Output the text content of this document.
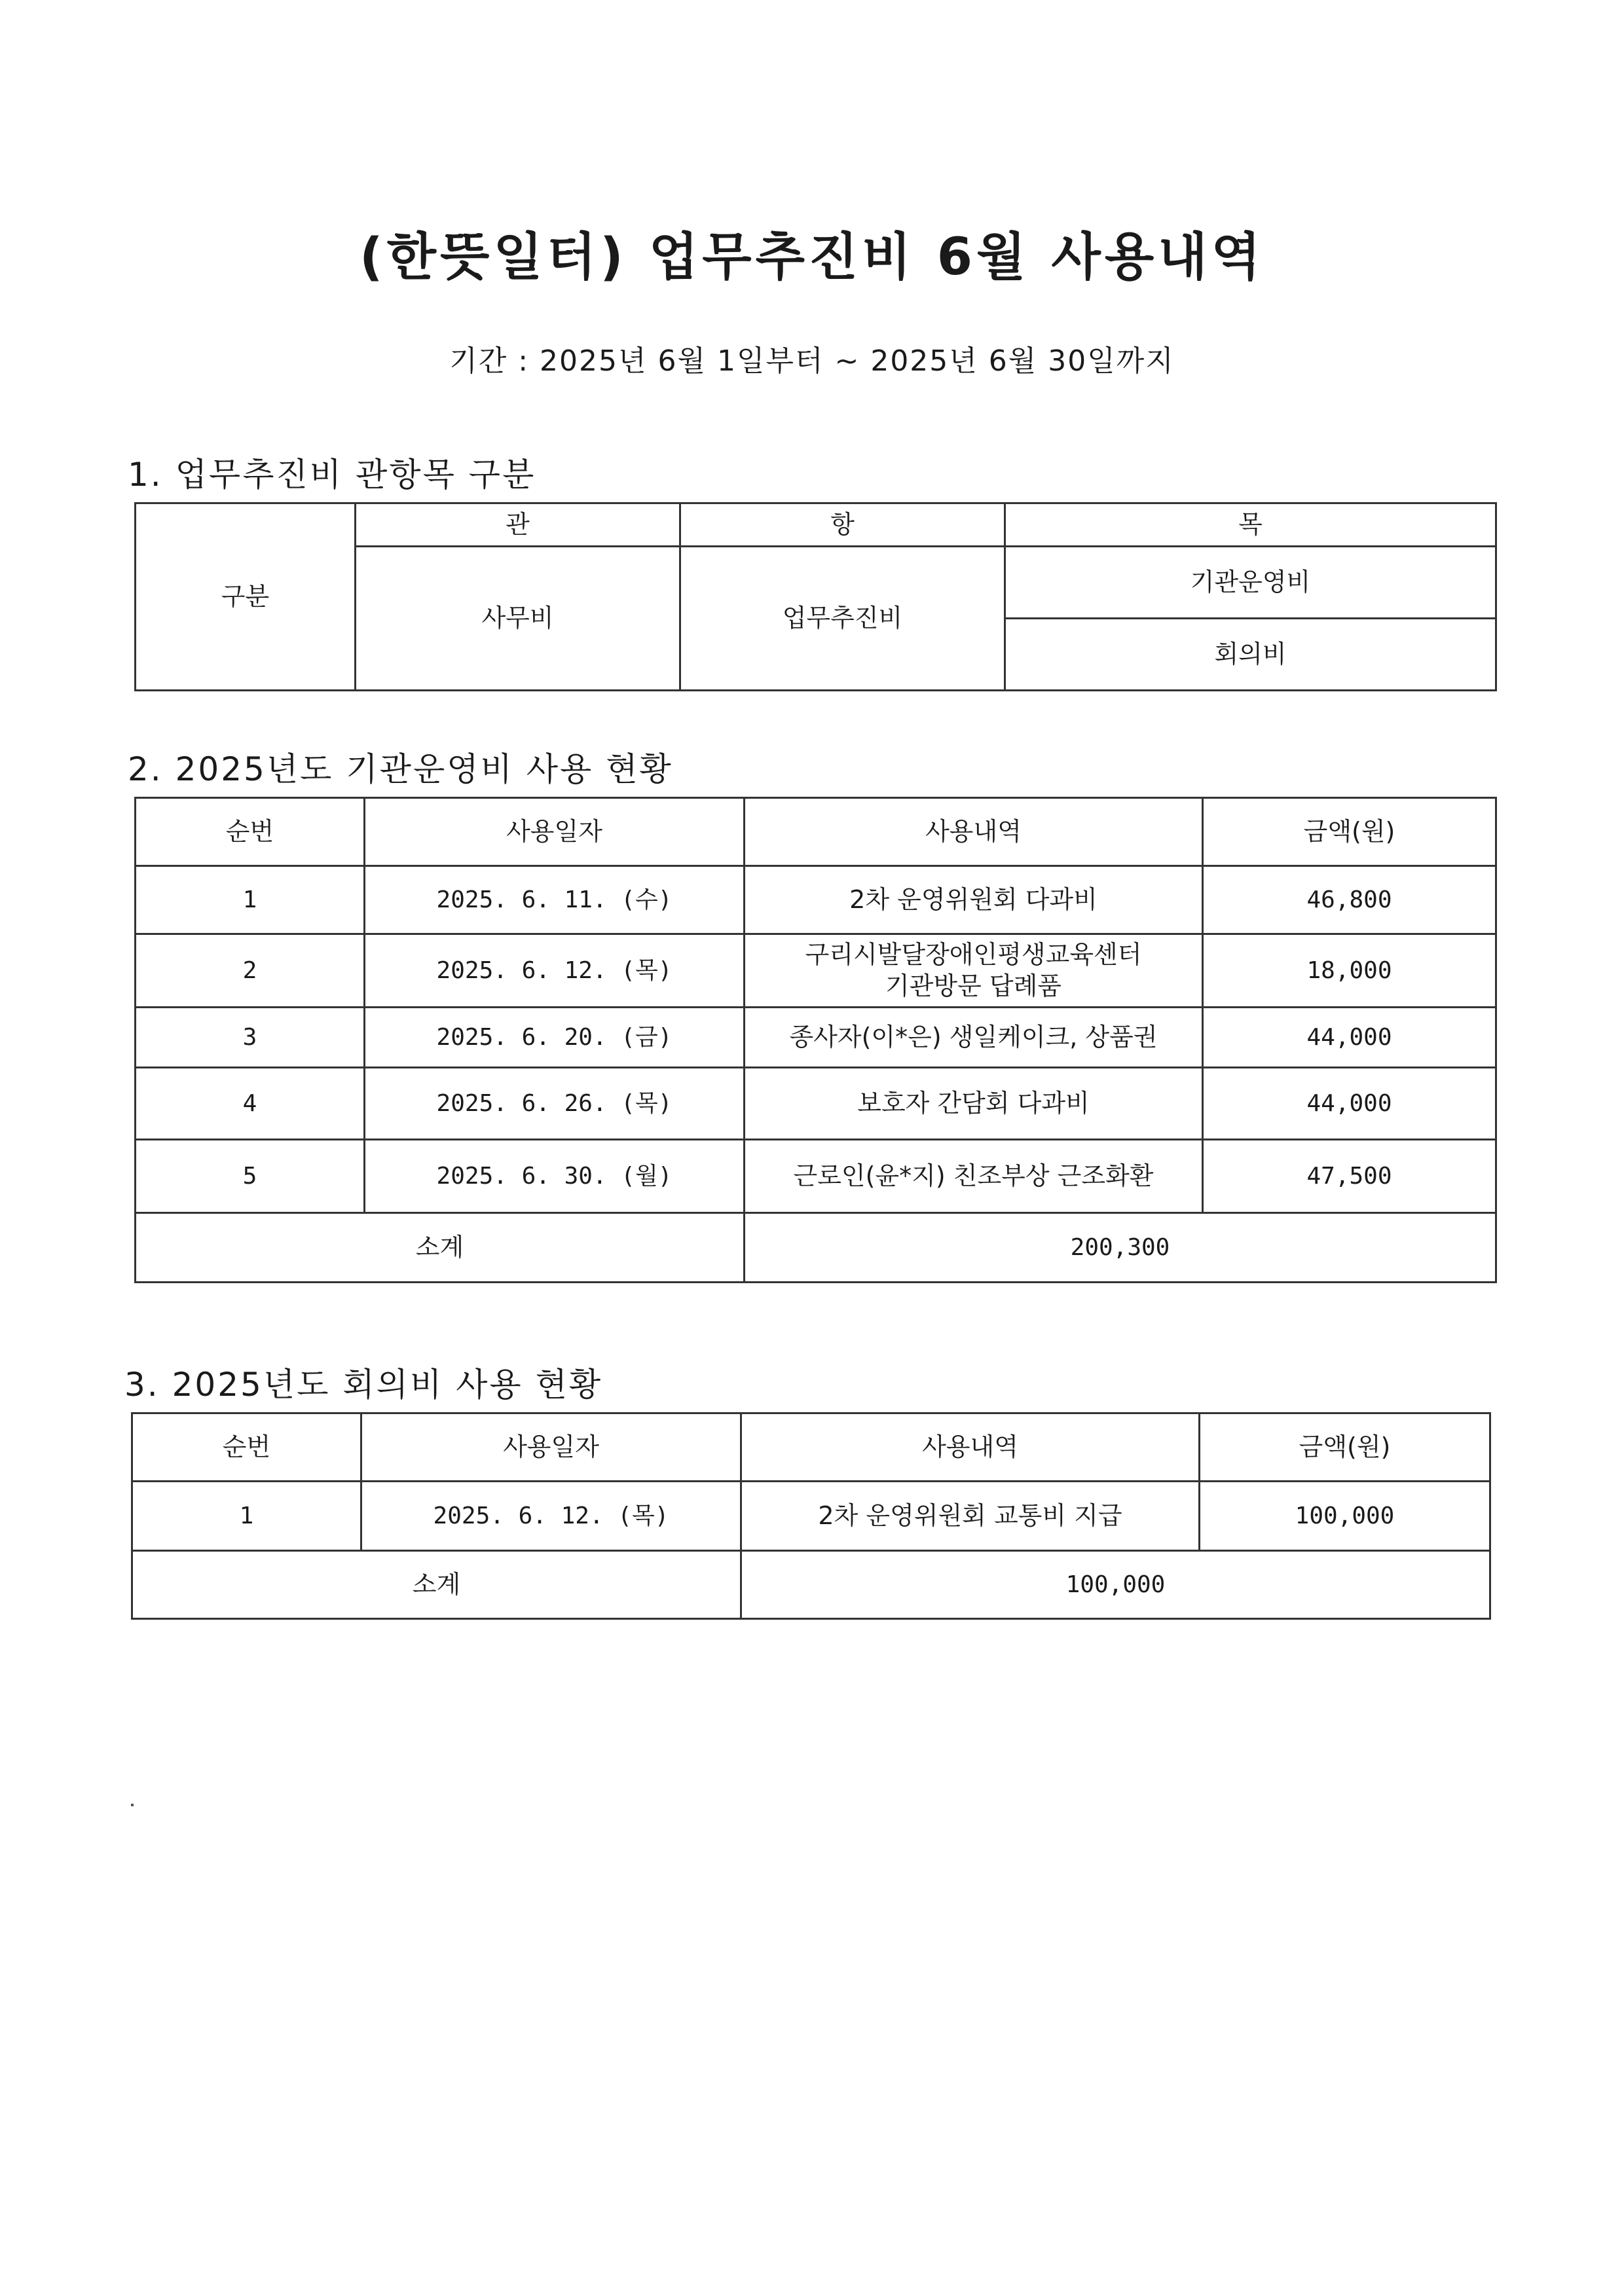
(한뜻일터) 업무추진비 6월 사용내역
기간 : 2025년 6월 1일부터 ~ 2025년 6월 30일까지
1. 업무추진비 관항목 구분
구분	관	항	목
	사무비	업무추진비	기관운영비
			회의비
2. 2025년도 기관운영비 사용 현황
순번	사용일자	사용내역	금액(원)
1	2025. 6. 11. (수)	2차 운영위원회 다과비	46,800
2	2025. 6. 12. (목)	구리시발달장애인평생교육센터
기관방문 답례품	18,000
3	2025. 6. 20. (금)	종사자(이*은) 생일케이크, 상품권	44,000
4	2025. 6. 26. (목)	보호자 간담회 다과비	44,000
5	2025. 6. 30. (월)	근로인(윤*지) 친조부상 근조화환	47,500
소계		200,300	
3. 2025년도 회의비 사용 현황
순번	사용일자	사용내역	금액(원)
1	2025. 6. 12. (목)	2차 운영위원회 교통비 지급	100,000
소계		100,000	
